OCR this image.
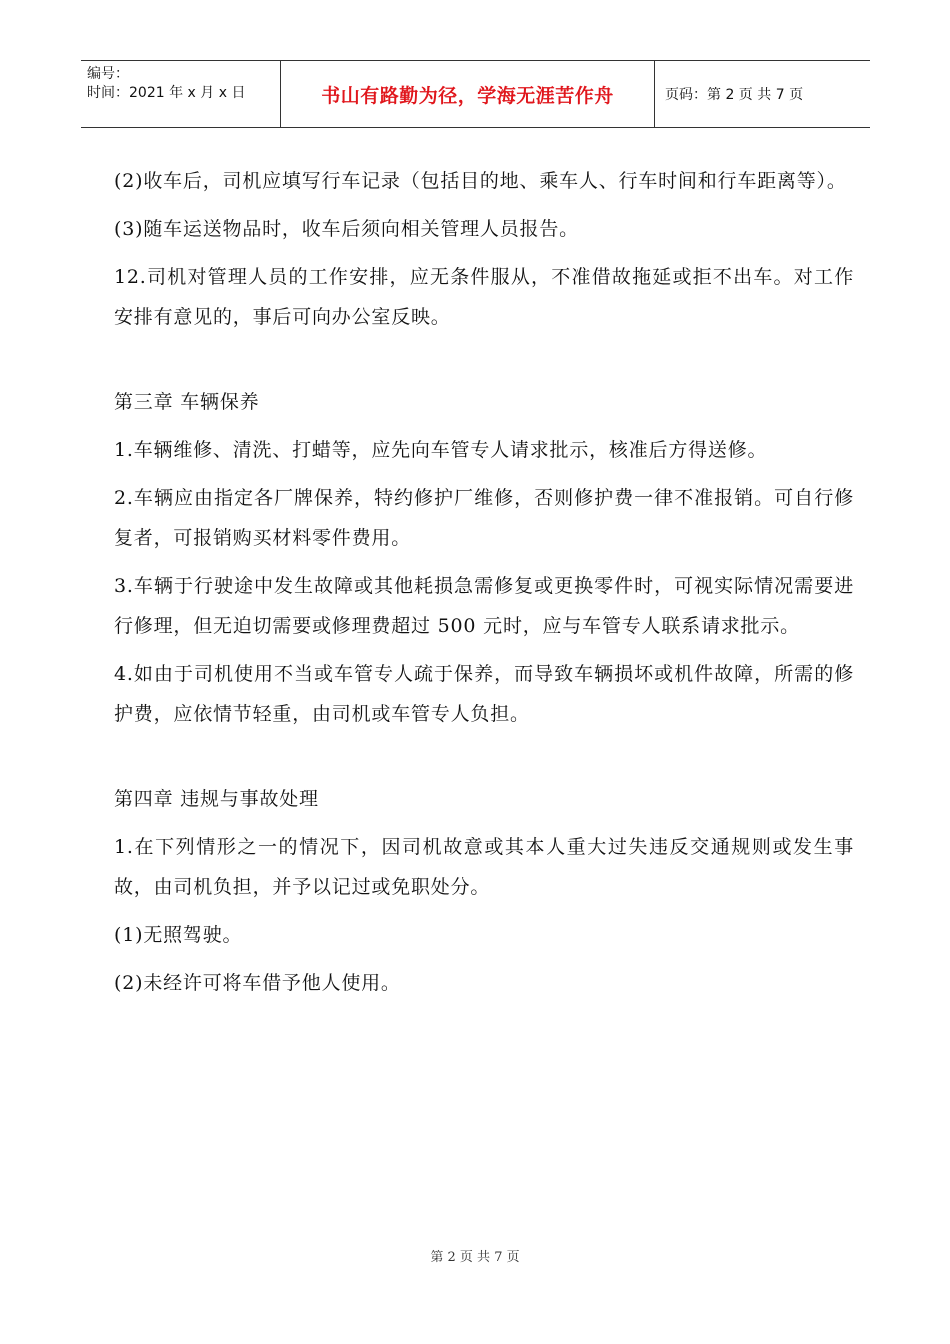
编号：
时间：2021 年 x 月 x 日	书山有路勤为径，学海无涯苦作舟	页码：第 2 页 共 7 页

(2)收车后，司机应填写行车记录（包括目的地、乘车人、行车时间和行车距离等）。

(3)随车运送物品时，收车后须向相关管理人员报告。

12.司机对管理人员的工作安排，应无条件服从，不准借故拖延或拒不出车。对工作安排有意见的，事后可向办公室反映。

第三章 车辆保养

1.车辆维修、清洗、打蜡等，应先向车管专人请求批示，核准后方得送修。

2.车辆应由指定各厂牌保养，特约修护厂维修，否则修护费一律不准报销。可自行修复者，可报销购买材料零件费用。

3.车辆于行驶途中发生故障或其他耗损急需修复或更换零件时，可视实际情况需要进行修理，但无迫切需要或修理费超过 500 元时，应与车管专人联系请求批示。

4.如由于司机使用不当或车管专人疏于保养，而导致车辆损坏或机件故障，所需的修护费，应依情节轻重，由司机或车管专人负担。

第四章 违规与事故处理

1.在下列情形之一的情况下，因司机故意或其本人重大过失违反交通规则或发生事故，由司机负担，并予以记过或免职处分。

(1)无照驾驶。

(2)未经许可将车借予他人使用。

第 2 页 共 7 页
